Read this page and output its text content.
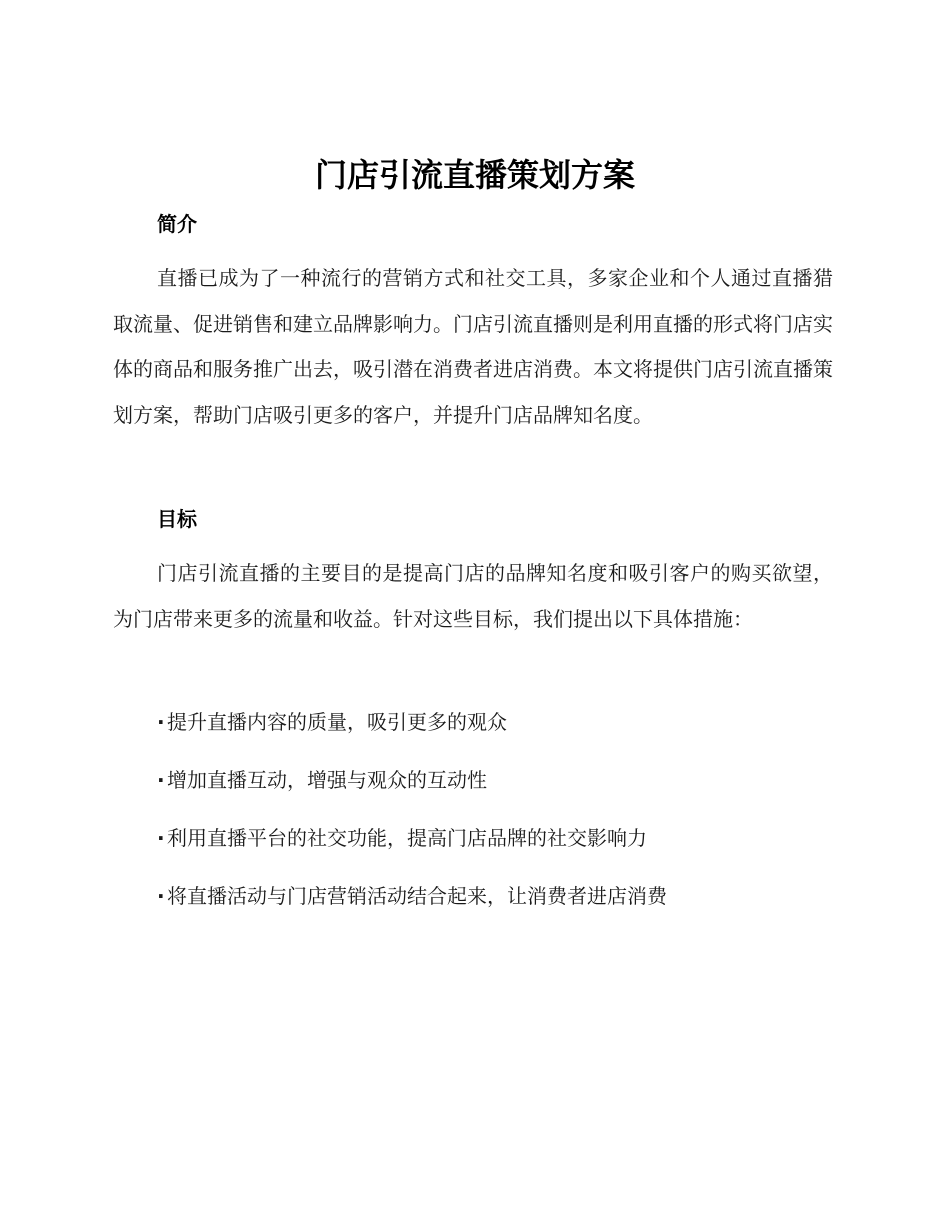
门店引流直播策划方案
简介
直播已成为了一种流行的营销方式和社交工具，多家企业和个人通过直播猎取流量、促进销售和建立品牌影响力。门店引流直播则是利用直播的形式将门店实体的商品和服务推广出去，吸引潜在消费者进店消费。本文将提供门店引流直播策划方案，帮助门店吸引更多的客户，并提升门店品牌知名度。
目标
门店引流直播的主要目的是提高门店的品牌知名度和吸引客户的购买欲望，为门店带来更多的流量和收益。针对这些目标，我们提出以下具体措施：
· 提升直播内容的质量，吸引更多的观众
· 增加直播互动，增强与观众的互动性
· 利用直播平台的社交功能，提高门店品牌的社交影响力
· 将直播活动与门店营销活动结合起来，让消费者进店消费
